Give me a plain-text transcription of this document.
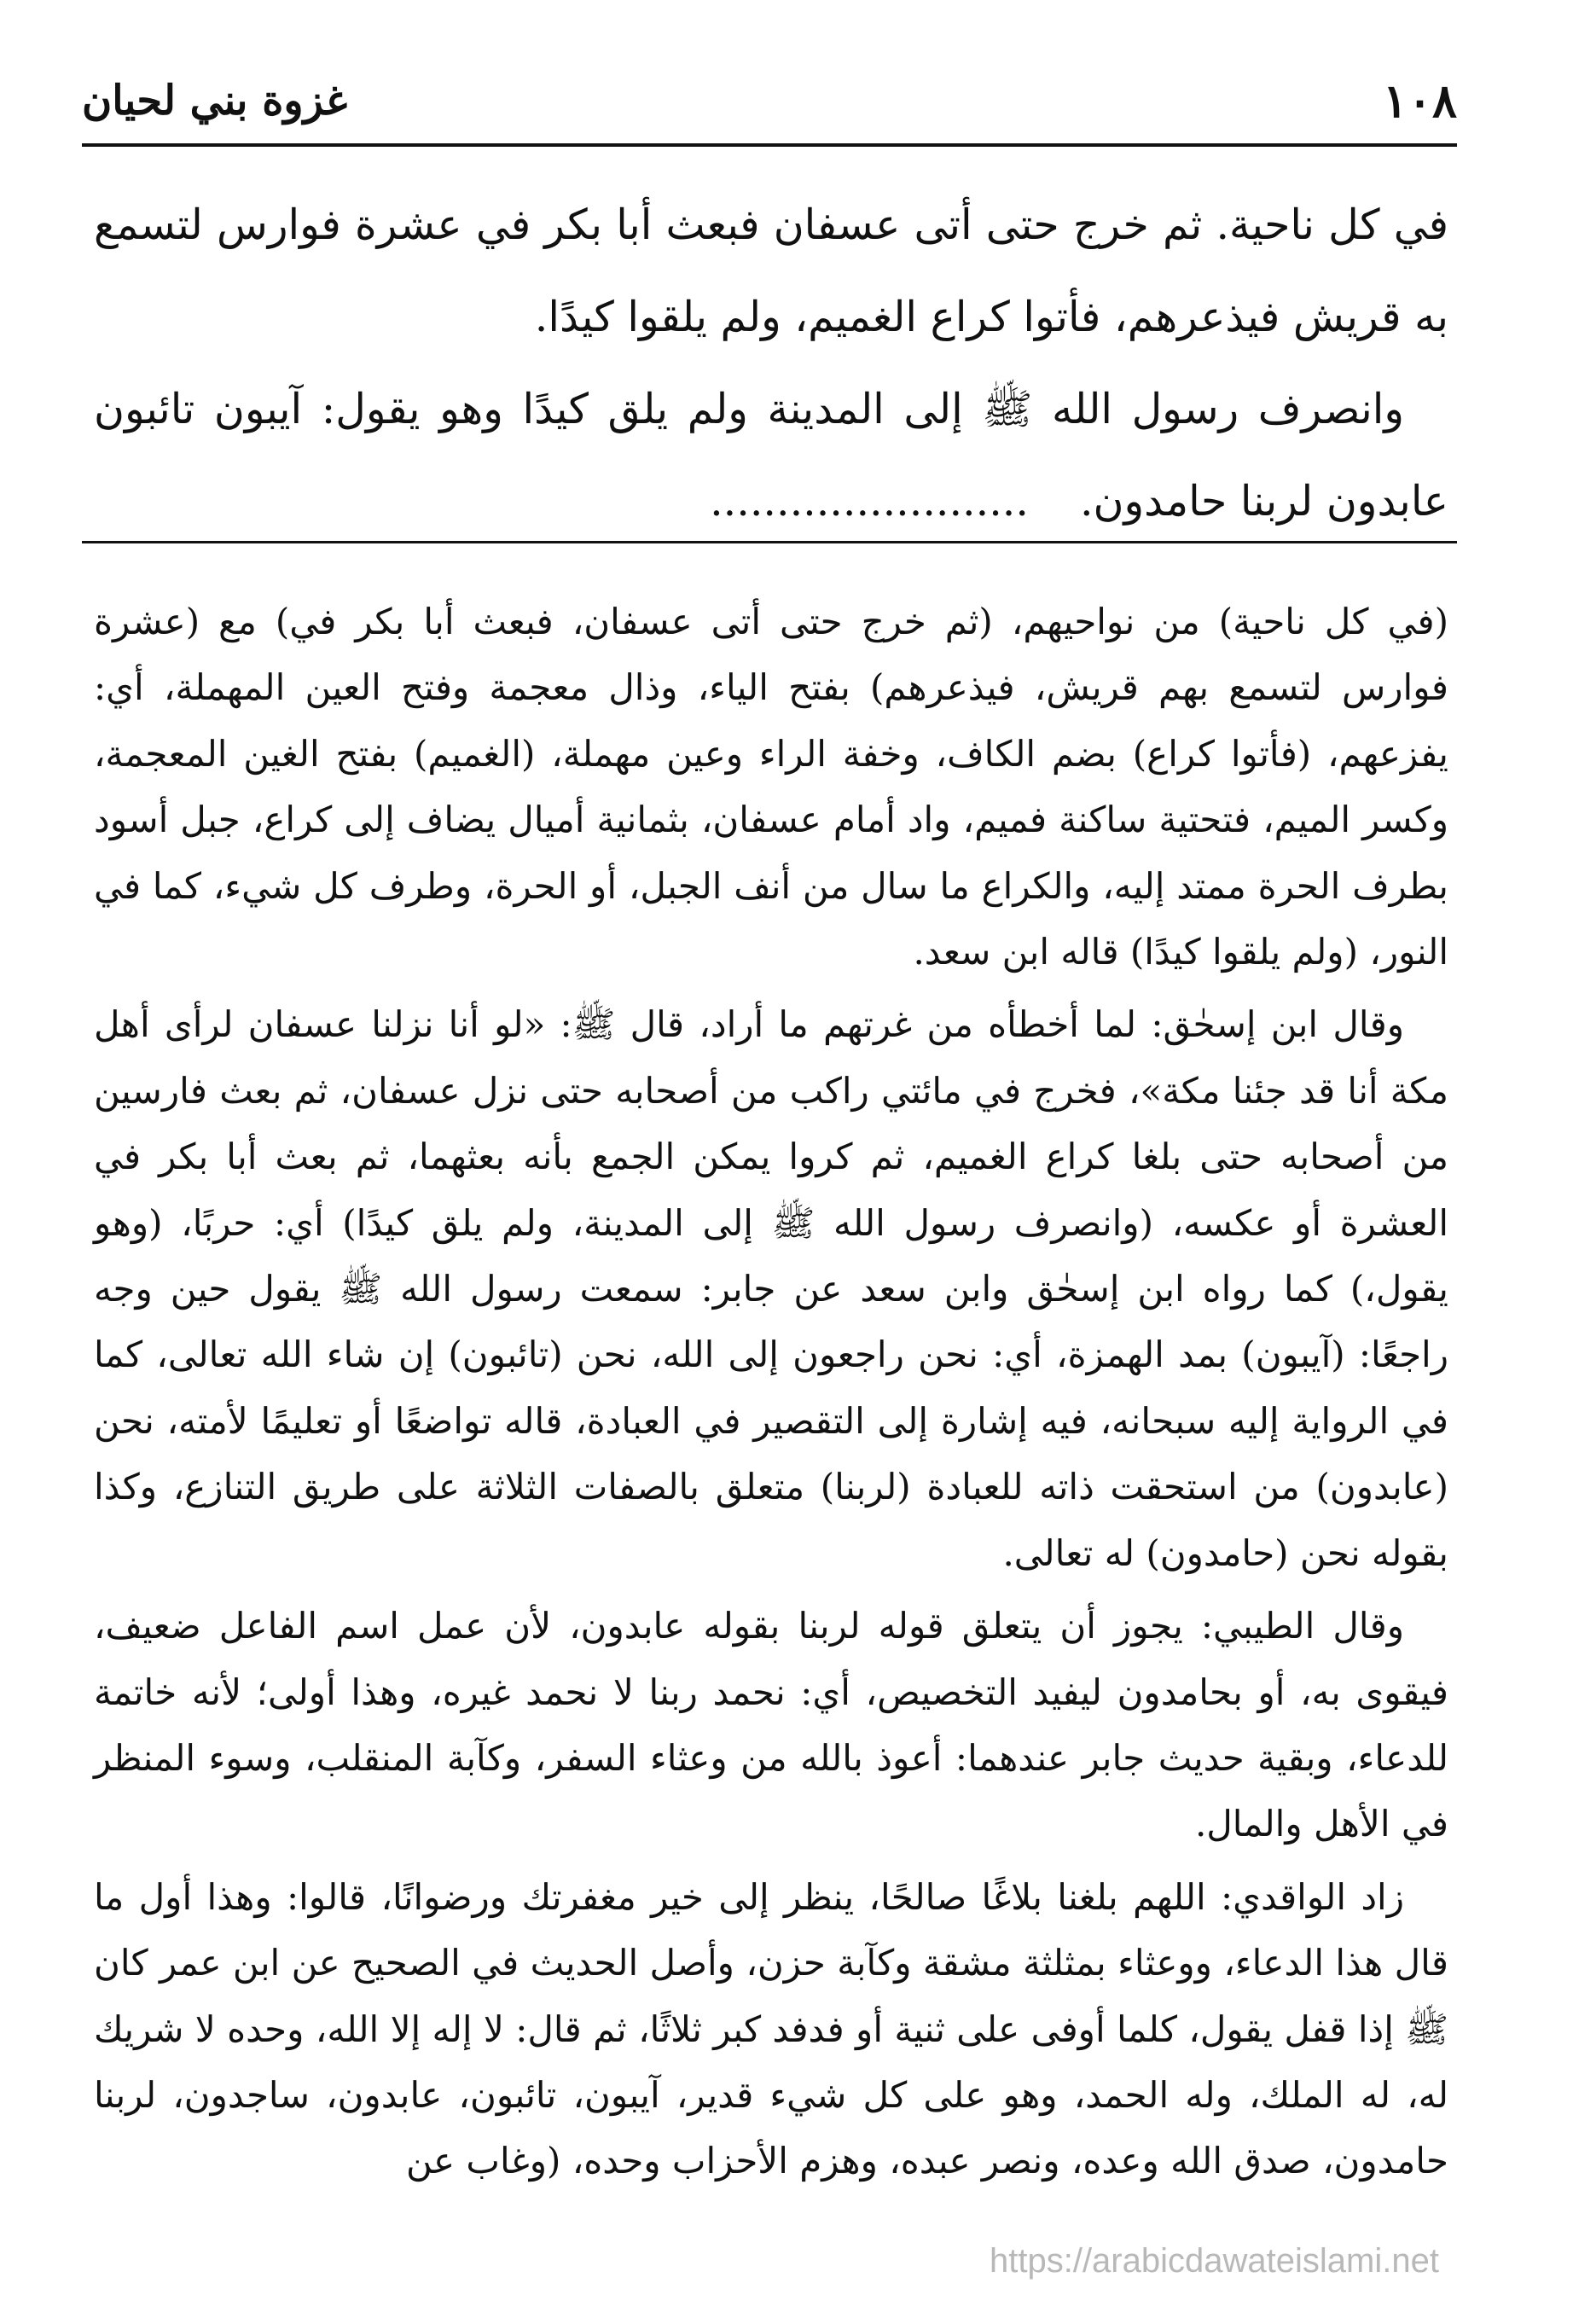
١٠٨
غزوة بني لحيان

في كل ناحية. ثم خرج حتى أتى عسفان فبعث أبا بكر في عشرة فوارس لتسمع به قريش فيذعرهم، فأتوا كراع الغميم، ولم يلقوا كيدًا.

وانصرف رسول الله ﷺ إلى المدينة ولم يلق كيدًا وهو يقول: آيبون تائبون عابدون لربنا حامدون.........................

(في كل ناحية) من نواحيهم، (ثم خرج حتى أتى عسفان، فبعث أبا بكر في) مع (عشرة فوارس لتسمع بهم قريش، فيذعرهم) بفتح الياء، وذال معجمة وفتح العين المهملة، أي: يفزعهم، (فأتوا كراع) بضم الكاف، وخفة الراء وعين مهملة، (الغميم) بفتح الغين المعجمة، وكسر الميم، فتحتية ساكنة فميم، واد أمام عسفان، بثمانية أميال يضاف إلى كراع، جبل أسود بطرف الحرة ممتد إليه، والكراع ما سال من أنف الجبل، أو الحرة، وطرف كل شيء، كما في النور، (ولم يلقوا كيدًا) قاله ابن سعد.

وقال ابن إسحٰق: لما أخطأه من غرتهم ما أراد، قال ﷺ: «لو أنا نزلنا عسفان لرأى أهل مكة أنا قد جئنا مكة»، فخرج في مائتي راكب من أصحابه حتى نزل عسفان، ثم بعث فارسين من أصحابه حتى بلغا كراع الغميم، ثم كروا يمكن الجمع بأنه بعثهما، ثم بعث أبا بكر في العشرة أو عكسه، (وانصرف رسول الله ﷺ إلى المدينة، ولم يلق كيدًا) أي: حربًا، (وهو يقول،) كما رواه ابن إسحٰق وابن سعد عن جابر: سمعت رسول الله ﷺ يقول حين وجه راجعًا: (آيبون) بمد الهمزة، أي: نحن راجعون إلى الله، نحن (تائبون) إن شاء الله تعالى، كما في الرواية إليه سبحانه، فيه إشارة إلى التقصير في العبادة، قاله تواضعًا أو تعليمًا لأمته، نحن (عابدون) من استحقت ذاته للعبادة (لربنا) متعلق بالصفات الثلاثة على طريق التنازع، وكذا بقوله نحن (حامدون) له تعالى.

وقال الطيبي: يجوز أن يتعلق قوله لربنا بقوله عابدون، لأن عمل اسم الفاعل ضعيف، فيقوى به، أو بحامدون ليفيد التخصيص، أي: نحمد ربنا لا نحمد غيره، وهذا أولى؛ لأنه خاتمة للدعاء، وبقية حديث جابر عندهما: أعوذ بالله من وعثاء السفر، وكآبة المنقلب، وسوء المنظر في الأهل والمال.

زاد الواقدي: اللهم بلغنا بلاغًا صالحًا، ينظر إلى خير مغفرتك ورضوانًا، قالوا: وهذا أول ما قال هذا الدعاء، ووعثاء بمثلثة مشقة وكآبة حزن، وأصل الحديث في الصحيح عن ابن عمر كان ﷺ إذا قفل يقول، كلما أوفى على ثنية أو فدفد كبر ثلاثًا، ثم قال: لا إله إلا الله، وحده لا شريك له، له الملك، وله الحمد، وهو على كل شيء قدير، آيبون، تائبون، عابدون، ساجدون، لربنا حامدون، صدق الله وعده، ونصر عبده، وهزم الأحزاب وحده، (وغاب عن

https://arabicdawateislami.net
